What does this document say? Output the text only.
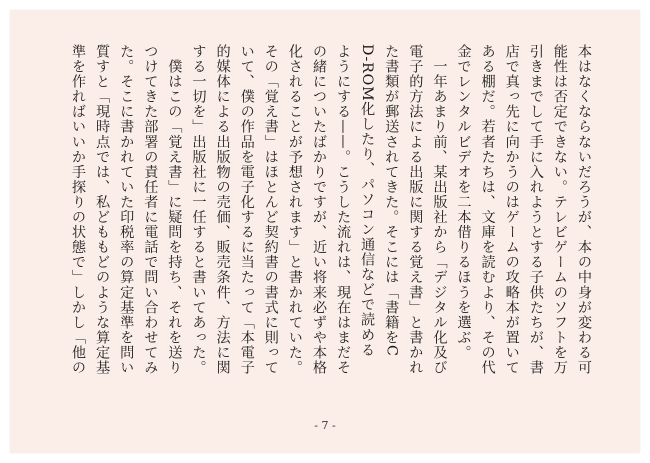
本はなくならないだろうが、本の中身が変わる可
能性は否定できない。テレビゲームのソフトを万
引きまでして手に入れようとする子供たちが、書
店で真っ先に向かうのはゲームの攻略本が置いて
ある棚だ。若者たちは、文庫を読むより、その代
金でレンタルビデオを二本借りるほうを選ぶ。
　一年あまり前、某出版社から「デジタル化及び
電子的方法による出版に関する覚え書」と書かれ
た書類が郵送されてきた。そこには「書籍をC
D-ROM化したり、パソコン通信などで読める
ようにする——。こうした流れは、現在はまだそ
の緒についたばかりですが、近い将来必ずや本格
化されることが予想されます」と書かれていた。
その「覚え書」はほとんど契約書の書式に則って
いて、僕の作品を電子化するに当たって「本電子
的媒体による出版物の売価、販売条件、方法に関
する一切を」出版社に一任すると書いてあった。
　僕はこの「覚え書」に疑問を持ち、それを送り
つけてきた部署の責任者に電話で問い合わせてみ
た。そこに書かれていた印税率の算定基準を問い
質すと「現時点では、私どももどのような算定基
準を作ればいいか手探りの状態で」しかし「他の
- 7 -
